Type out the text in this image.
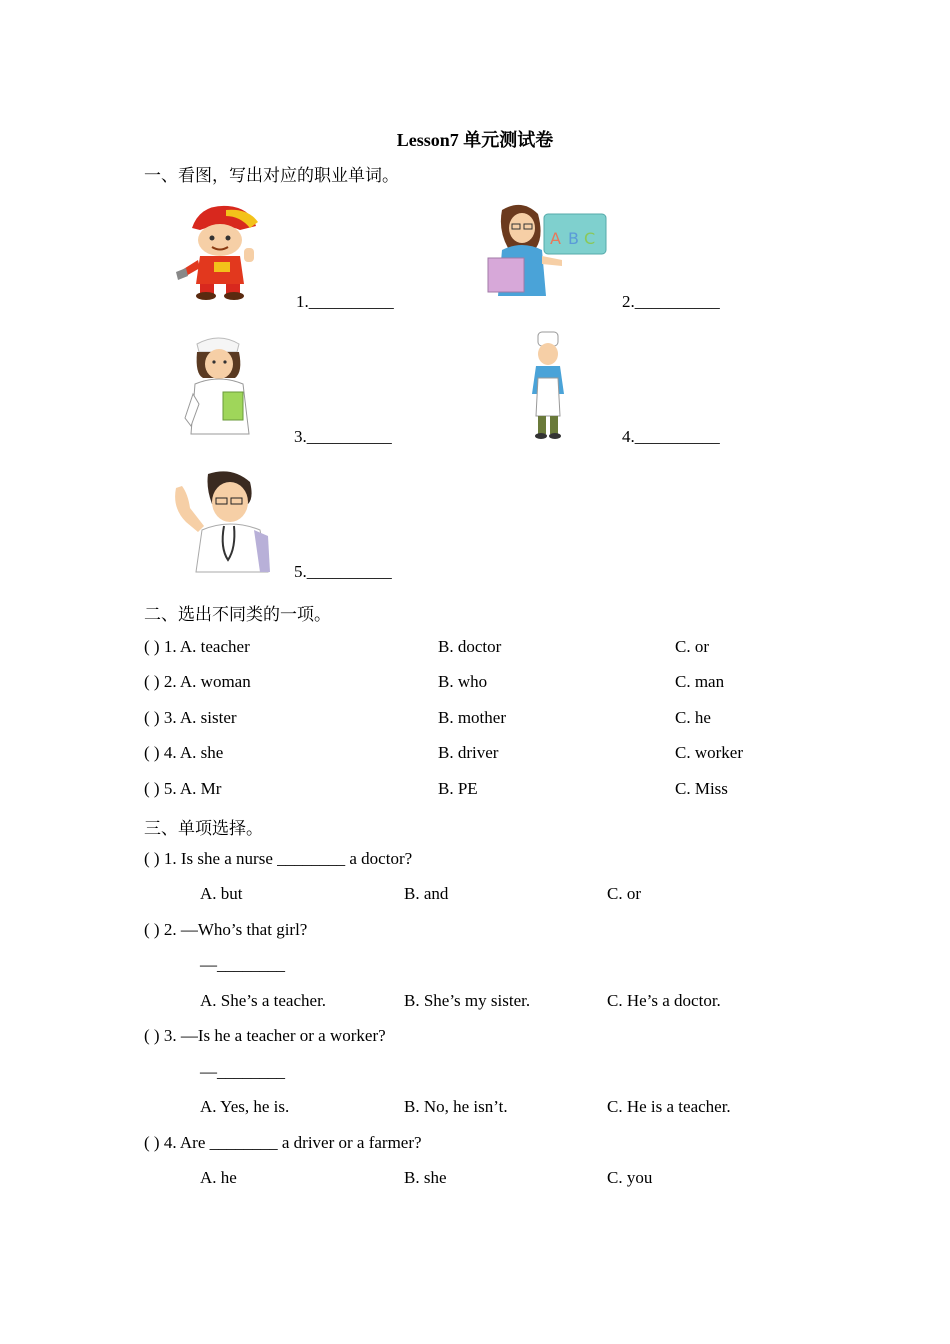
Lesson7 单元测试卷
一、看图，写出对应的职业单词。
1.__________
A B C
2.__________
3.__________	4.__________
5.__________
二、选出不同类的一项。
( ) 1. A. teacher	B. doctor	C. or
( ) 2. A. woman	B. who	C. man
( ) 3. A. sister	B. mother	C. he
( ) 4. A. she	B. driver	C. worker
( ) 5. A. Mr	B. PE	C. Miss
三、单项选择。
( ) 1. Is she a nurse ________ a doctor?
A. but	B. and	C. or
( ) 2. —Who’s that girl?
—________
A. She’s a teacher.	B. She’s my sister.	C. He’s a doctor.
( ) 3. —Is he a teacher or a worker?
—________
A. Yes, he is.	B. No, he isn’t.	C. He is a teacher.
( ) 4. Are ________ a driver or a farmer?
A. he	B. she	C. you
